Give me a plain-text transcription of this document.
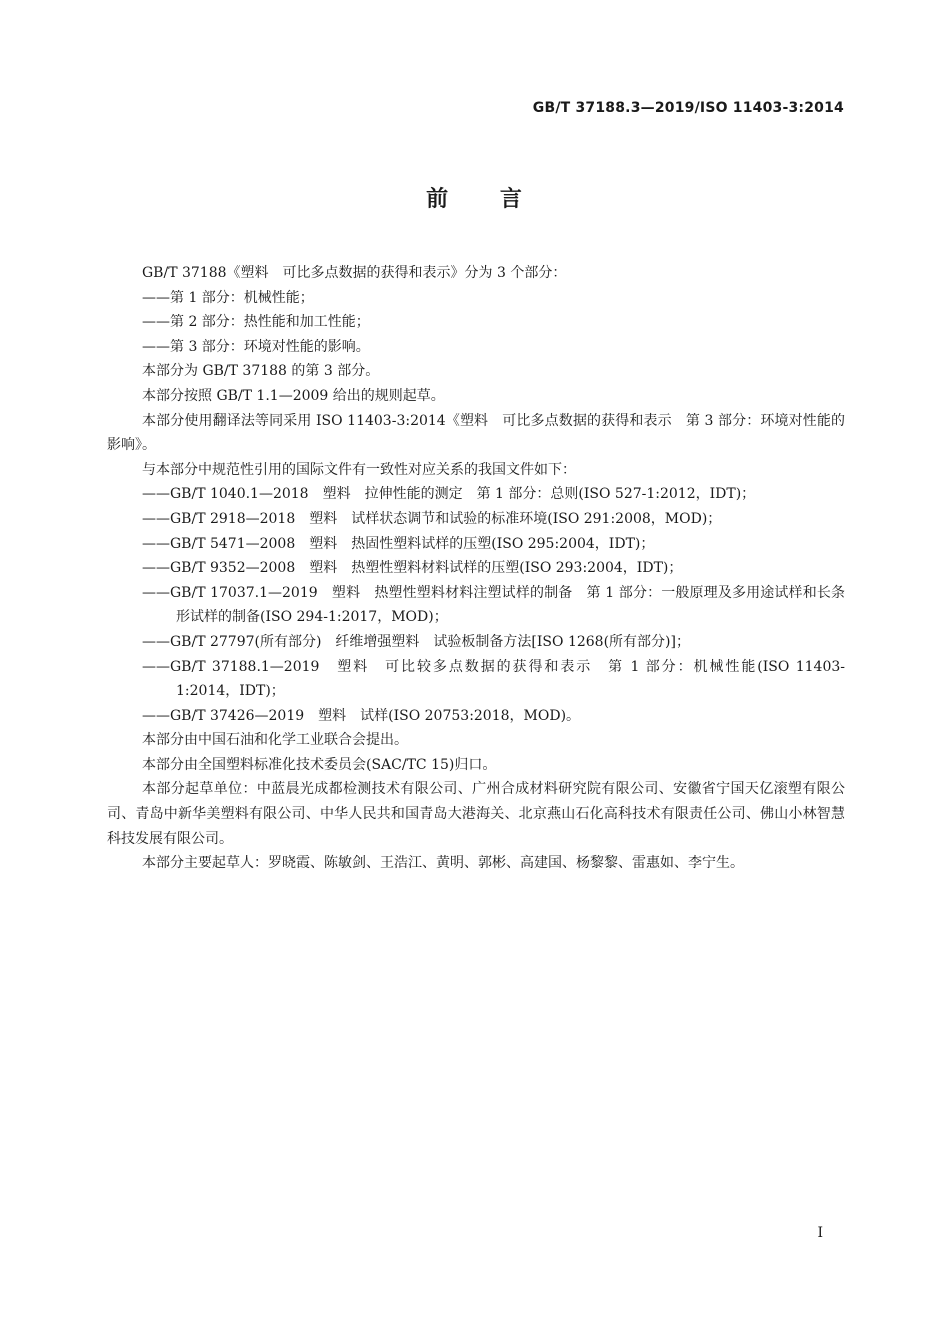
GB/T 37188.3—2019/ISO 11403-3:2014
前 言

GB/T 37188《塑料　可比多点数据的获得和表示》分为 3 个部分：

——第 1 部分：机械性能；

——第 2 部分：热性能和加工性能；

——第 3 部分：环境对性能的影响。

本部分为 GB/T 37188 的第 3 部分。

本部分按照 GB/T 1.1—2009 给出的规则起草。

本部分使用翻译法等同采用 ISO 11403-3:2014《塑料　可比多点数据的获得和表示　第 3 部分：环境对性能的影响》。

与本部分中规范性引用的国际文件有一致性对应关系的我国文件如下：

——GB/T 1040.1—2018　塑料　拉伸性能的测定　第 1 部分：总则(ISO 527-1:2012，IDT)；

——GB/T 2918—2018　塑料　试样状态调节和试验的标准环境(ISO 291:2008，MOD)；

——GB/T 5471—2008　塑料　热固性塑料试样的压塑(ISO 295:2004，IDT)；

——GB/T 9352—2008　塑料　热塑性塑料材料试样的压塑(ISO 293:2004，IDT)；

——GB/T 17037.1—2019　塑料　热塑性塑料材料注塑试样的制备　第 1 部分：一般原理及多用途试样和长条形试样的制备(ISO 294-1:2017，MOD)；

——GB/T 27797(所有部分)　纤维增强塑料　试验板制备方法[ISO 1268(所有部分)]；

——GB/T 37188.1—2019　塑料　可比较多点数据的获得和表示　第 1 部分：机械性能(ISO 11403-1:2014，IDT)；

——GB/T 37426—2019　塑料　试样(ISO 20753:2018，MOD)。

本部分由中国石油和化学工业联合会提出。

本部分由全国塑料标准化技术委员会(SAC/TC 15)归口。

本部分起草单位：中蓝晨光成都检测技术有限公司、广州合成材料研究院有限公司、安徽省宁国天亿滚塑有限公司、青岛中新华美塑料有限公司、中华人民共和国青岛大港海关、北京燕山石化高科技术有限责任公司、佛山小林智慧科技发展有限公司。

本部分主要起草人：罗晓霞、陈敏剑、王浩江、黄明、郭彬、高建国、杨黎黎、雷惠如、李宁生。

I
